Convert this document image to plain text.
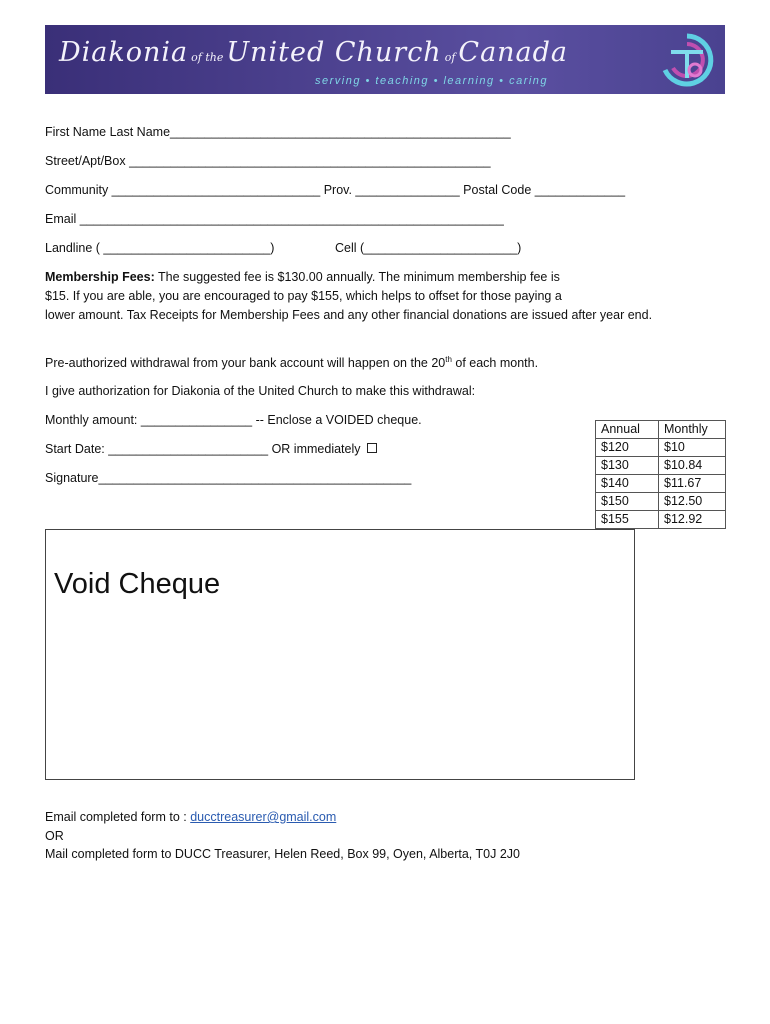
Diakonia of the United Church of Canada
serving • teaching • learning • caring
First Name Last Name_________________________________________________
Street/Apt/Box ____________________________________________________
Community ______________________________ Prov. _______________ Postal Code _____________
Email _____________________________________________________________
Landline ( ________________________)	Cell (______________________)
Membership Fees: The suggested fee is $130.00 annually. The minimum membership fee is
$15. If you are able, you are encouraged to pay $155, which helps to offset for those paying a
lower amount. Tax Receipts for Membership Fees and any other financial donations are issued after year end.
Pre-authorized withdrawal from your bank account will happen on the 20th of each month.
I give authorization for Diakonia of the United Church to make this withdrawal:
Monthly amount: ________________ -- Enclose a VOIDED cheque.
Start Date: _______________________ OR immediately
Signature_____________________________________________
Annual	Monthly
$120	$10
$130	$10.84
$140	$11.67
$150	$12.50
$155	$12.92
Void Cheque
Email completed form to : ducctreasurer@gmail.com
OR
Mail completed form to DUCC Treasurer, Helen Reed, Box 99, Oyen, Alberta, T0J 2J0
